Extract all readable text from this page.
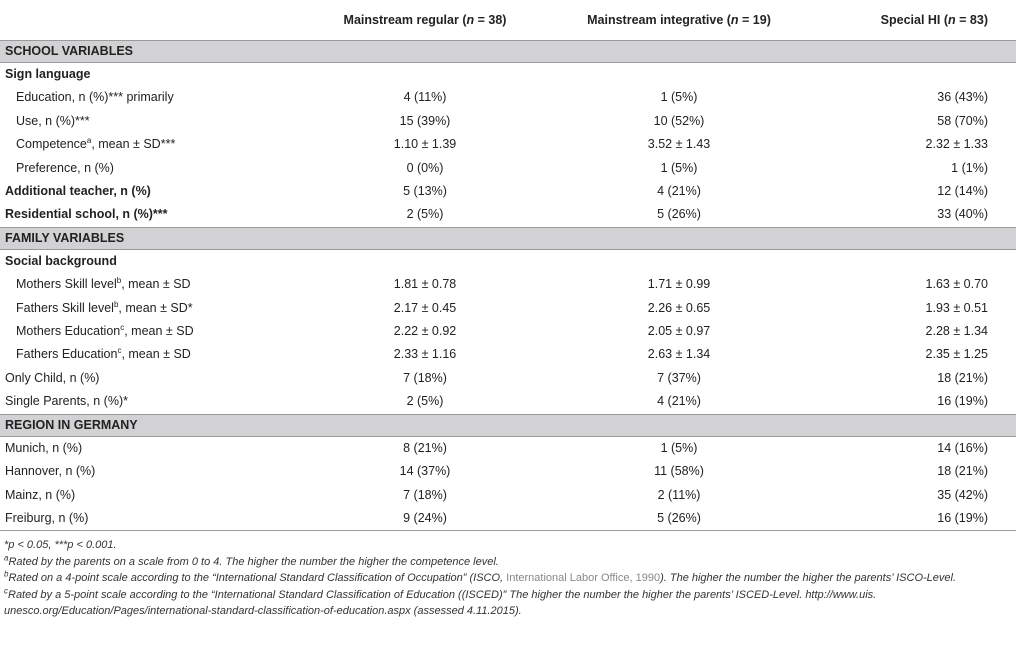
	Mainstream regular (n = 38)	Mainstream integrative (n = 19)	Special HI (n = 83)
SCHOOL VARIABLES			
Sign language			
Education, n (%)*** primarily	4 (11%)	1 (5%)	36 (43%)
Use, n (%)***	15 (39%)	10 (52%)	58 (70%)
Competence$^a$, mean ± SD***	1.10 ± 1.39	3.52 ± 1.43	2.32 ± 1.33
Preference, n (%)	0 (0%)	1 (5%)	1 (1%)
Additional teacher, n (%)	5 (13%)	4 (21%)	12 (14%)
Residential school, n (%)***	2 (5%)	5 (26%)	33 (40%)
FAMILY VARIABLES			
Social background			
Mothers Skill level$^b$, mean ± SD	1.81 ± 0.78	1.71 ± 0.99	1.63 ± 0.70
Fathers Skill level$^b$, mean ± SD*	2.17 ± 0.45	2.26 ± 0.65	1.93 ± 0.51
Mothers Education$^c$, mean ± SD	2.22 ± 0.92	2.05 ± 0.97	2.28 ± 1.34
Fathers Education$^c$, mean ± SD	2.33 ± 1.16	2.63 ± 1.34	2.35 ± 1.25
Only Child, n (%)	7 (18%)	7 (37%)	18 (21%)
Single Parents, n (%)*	2 (5%)	4 (21%)	16 (19%)
REGION IN GERMANY			
Munich, n (%)	8 (21%)	1 (5%)	14 (16%)
Hannover, n (%)	14 (37%)	11 (58%)	18 (21%)
Mainz, n (%)	7 (18%)	2 (11%)	35 (42%)
Freiburg, n (%)	9 (24%)	5 (26%)	16 (19%)

*p < 0.05, ***p < 0.001.

$^a$Rated by the parents on a scale from 0 to 4. The higher the number the higher the competence level.

$^b$Rated on a 4-point scale according to the “International Standard Classification of Occupation” (ISCO, International Labor Office, 1990). The higher the number the higher the parents’ ISCO-Level.

$^c$Rated by a 5-point scale according to the “International Standard Classification of Education ((ISCED)” The higher the number the higher the parents’ ISCED-Level. http://www.uis. unesco.org/Education/Pages/international-standard-classification-of-education.aspx (assessed 4.11.2015).
